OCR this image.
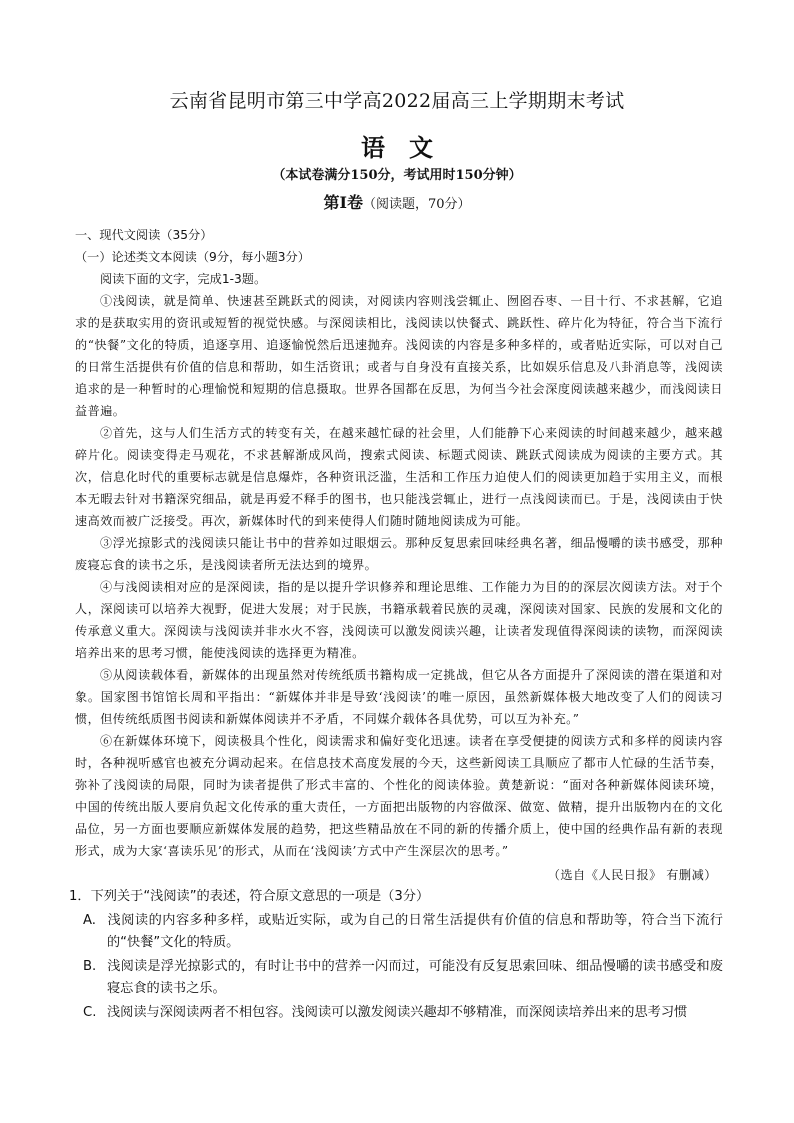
云南省昆明市第三中学高2022届高三上学期期末考试
语文
（本试卷满分150分，考试用时150分钟）
第Ⅰ卷（阅读题，70分）

一、现代文阅读（35分）

（一）论述类文本阅读（9分，每小题3分）

阅读下面的文字，完成1-3题。

①浅阅读，就是简单、快速甚至跳跃式的阅读，对阅读内容则浅尝辄止、囫囵吞枣、一目十行、不求甚解，它追求的是获取实用的资讯或短暂的视觉快感。与深阅读相比，浅阅读以快餐式、跳跃性、碎片化为特征，符合当下流行的“快餐”文化的特质，追逐享用、追逐愉悦然后迅速抛弃。浅阅读的内容是多种多样的，或者贴近实际，可以对自己的日常生活提供有价值的信息和帮助，如生活资讯；或者与自身没有直接关系，比如娱乐信息及八卦消息等，浅阅读追求的是一种暂时的心理愉悦和短期的信息摄取。世界各国都在反思，为何当今社会深度阅读越来越少，而浅阅读日益普遍。

②首先，这与人们生活方式的转变有关，在越来越忙碌的社会里，人们能静下心来阅读的时间越来越少，越来越碎片化。阅读变得走马观花，不求甚解渐成风尚，搜索式阅读、标题式阅读、跳跃式阅读成为阅读的主要方式。其次，信息化时代的重要标志就是信息爆炸，各种资讯泛滥，生活和工作压力迫使人们的阅读更加趋于实用主义，而根本无暇去针对书籍深究细品，就是再爱不释手的图书，也只能浅尝辄止，进行一点浅阅读而已。于是，浅阅读由于快速高效而被广泛接受。再次，新媒体时代的到来使得人们随时随地阅读成为可能。

③浮光掠影式的浅阅读只能让书中的营养如过眼烟云。那种反复思索回味经典名著，细品慢嚼的读书感受，那种废寝忘食的读书之乐，是浅阅读者所无法达到的境界。

④与浅阅读相对应的是深阅读，指的是以提升学识修养和理论思维、工作能力为目的的深层次阅读方法。对于个人，深阅读可以培养大视野，促进大发展；对于民族，书籍承载着民族的灵魂，深阅读对国家、民族的发展和文化的传承意义重大。深阅读与浅阅读并非水火不容，浅阅读可以激发阅读兴趣，让读者发现值得深阅读的读物，而深阅读培养出来的思考习惯，能使浅阅读的选择更为精准。

⑤从阅读载体看，新媒体的出现虽然对传统纸质书籍构成一定挑战，但它从各方面提升了深阅读的潜在渠道和对象。国家图书馆馆长周和平指出：“新媒体并非是导致‘浅阅读’的唯一原因，虽然新媒体极大地改变了人们的阅读习惯，但传统纸质图书阅读和新媒体阅读并不矛盾，不同媒介载体各具优势，可以互为补充。”

⑥在新媒体环境下，阅读极具个性化，阅读需求和偏好变化迅速。读者在享受便捷的阅读方式和多样的阅读内容时，各种视听感官也被充分调动起来。在信息技术高度发展的今天，这些新阅读工具顺应了都市人忙碌的生活节奏，弥补了浅阅读的局限，同时为读者提供了形式丰富的、个性化的阅读体验。黄楚新说：“面对各种新媒体阅读环境，中国的传统出版人要肩负起文化传承的重大责任，一方面把出版物的内容做深、做宽、做精，提升出版物内在的文化品位，另一方面也要顺应新媒体发展的趋势，把这些精品放在不同的新的传播介质上，使中国的经典作品有新的表现形式，成为大家‘喜读乐见’的形式，从而在‘浅阅读’方式中产生深层次的思考。”

（选自《人民日报》 有删减）

1．下列关于“浅阅读”的表述，符合原文意思的一项是（3分）

A. 浅阅读的内容多种多样，或贴近实际，或为自己的日常生活提供有价值的信息和帮助等，符合当下流行的“快餐”文化的特质。

B. 浅阅读是浮光掠影式的，有时让书中的营养一闪而过，可能没有反复思索回味、细品慢嚼的读书感受和废寝忘食的读书之乐。

C. 浅阅读与深阅读两者不相包容。浅阅读可以激发阅读兴趣却不够精准，而深阅读培养出来的思考习惯
